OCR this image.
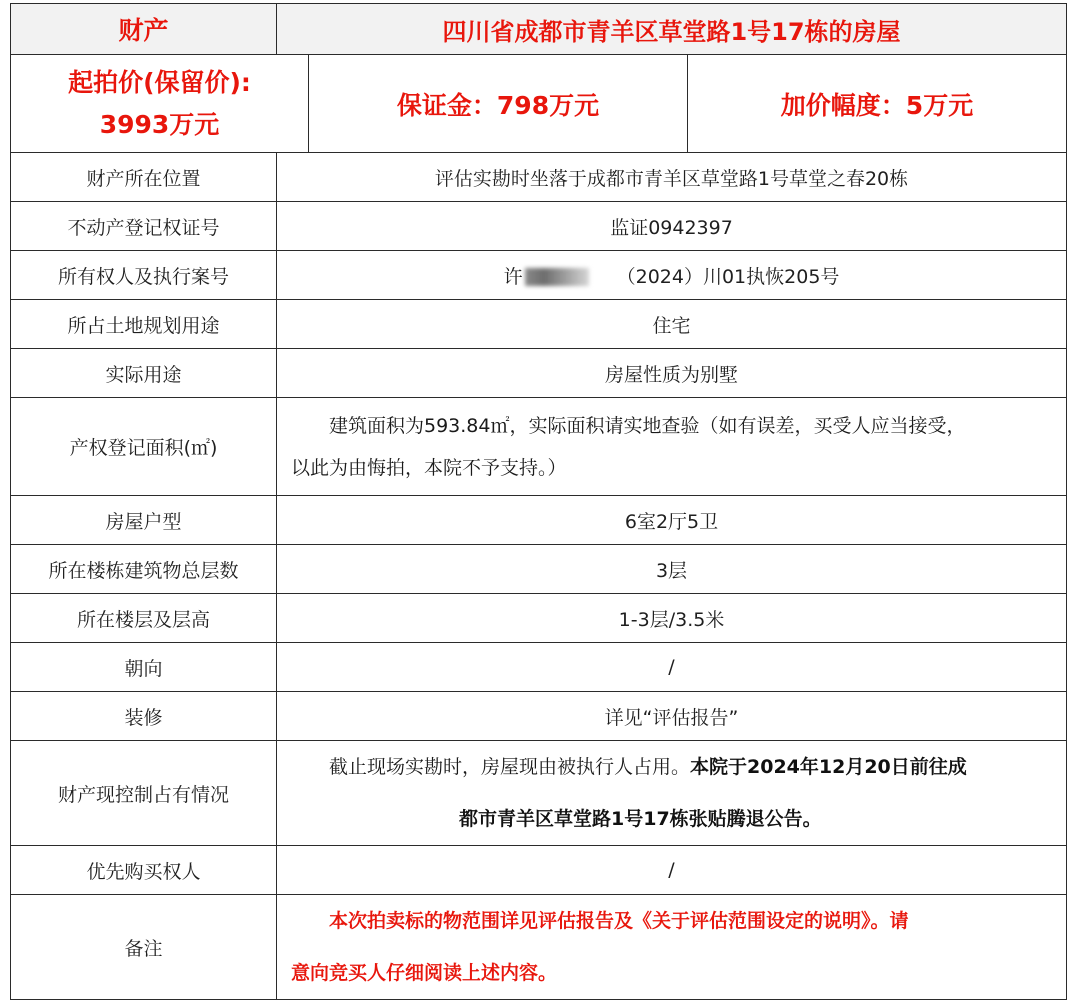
财产	四川省成都市青羊区草堂路1号17栋的房屋		

起拍价(保留价):
3993万元		保证金：798万元	加价幅度：5万元
财产所在位置	评估实勘时坐落于成都市青羊区草堂路1号草堂之春20栋		
不动产登记权证号	监证0942397		
所有权人及执行案号	许 （2024）川01执恢205号		
所占土地规划用途	住宅		
实际用途	房屋性质为别墅		
产权登记面积(㎡)	建筑面积为593.84㎡，实际面积请实地查验（如有误差，买受人应当接受，
以此为由悔拍，本院不予支持。）		

房屋户型	6室2厅5卫		
所在楼栋建筑物总层数	3层		
所在楼层及层高	1-3层/3.5米		
朝向	/		
装修	详见“评估报告”		
财产现控制占有情况	截止现场实勘时，房屋现由被执行人占用。本院于2024年12月20日前往成
都市青羊区草堂路1号17栋张贴腾退公告。		

优先购买权人	/		
备注	本次拍卖标的物范围详见评估报告及《关于评估范围设定的说明》。请
意向竞买人仔细阅读上述内容。		
